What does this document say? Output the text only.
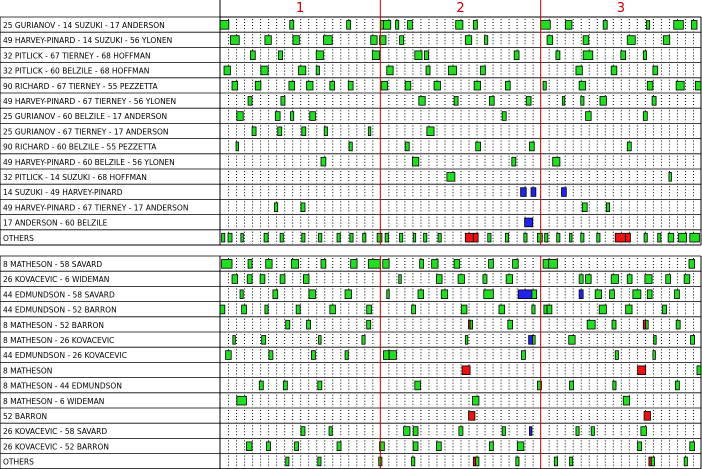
1	2	3
25 GURIANOV - 14 SUZUKI - 17 ANDERSON
49 HARVEY-PINARD - 14 SUZUKI - 56 YLONEN
32 PITLICK - 67 TIERNEY - 68 HOFFMAN
32 PITLICK - 60 BELZILE - 68 HOFFMAN
90 RICHARD - 67 TIERNEY - 55 PEZZETTA
49 HARVEY-PINARD - 67 TIERNEY - 56 YLONEN
25 GURIANOV - 60 BELZILE - 17 ANDERSON
25 GURIANOV - 67 TIERNEY - 17 ANDERSON
90 RICHARD - 60 BELZILE - 55 PEZZETTA
49 HARVEY-PINARD - 60 BELZILE - 56 YLONEN
32 PITLICK - 14 SUZUKI - 68 HOFFMAN
14 SUZUKI - 49 HARVEY-PINARD
49 HARVEY-PINARD - 67 TIERNEY - 17 ANDERSON
17 ANDERSON - 60 BELZILE
OTHERS
8 MATHESON - 58 SAVARD
26 KOVACEVIC - 6 WIDEMAN
44 EDMUNDSON - 58 SAVARD
44 EDMUNDSON - 52 BARRON
8 MATHESON - 52 BARRON
8 MATHESON - 26 KOVACEVIC
44 EDMUNDSON - 26 KOVACEVIC
8 MATHESON
8 MATHESON - 44 EDMUNDSON
8 MATHESON - 6 WIDEMAN
52 BARRON
26 KOVACEVIC - 58 SAVARD
26 KOVACEVIC - 52 BARRON
OTHERS
